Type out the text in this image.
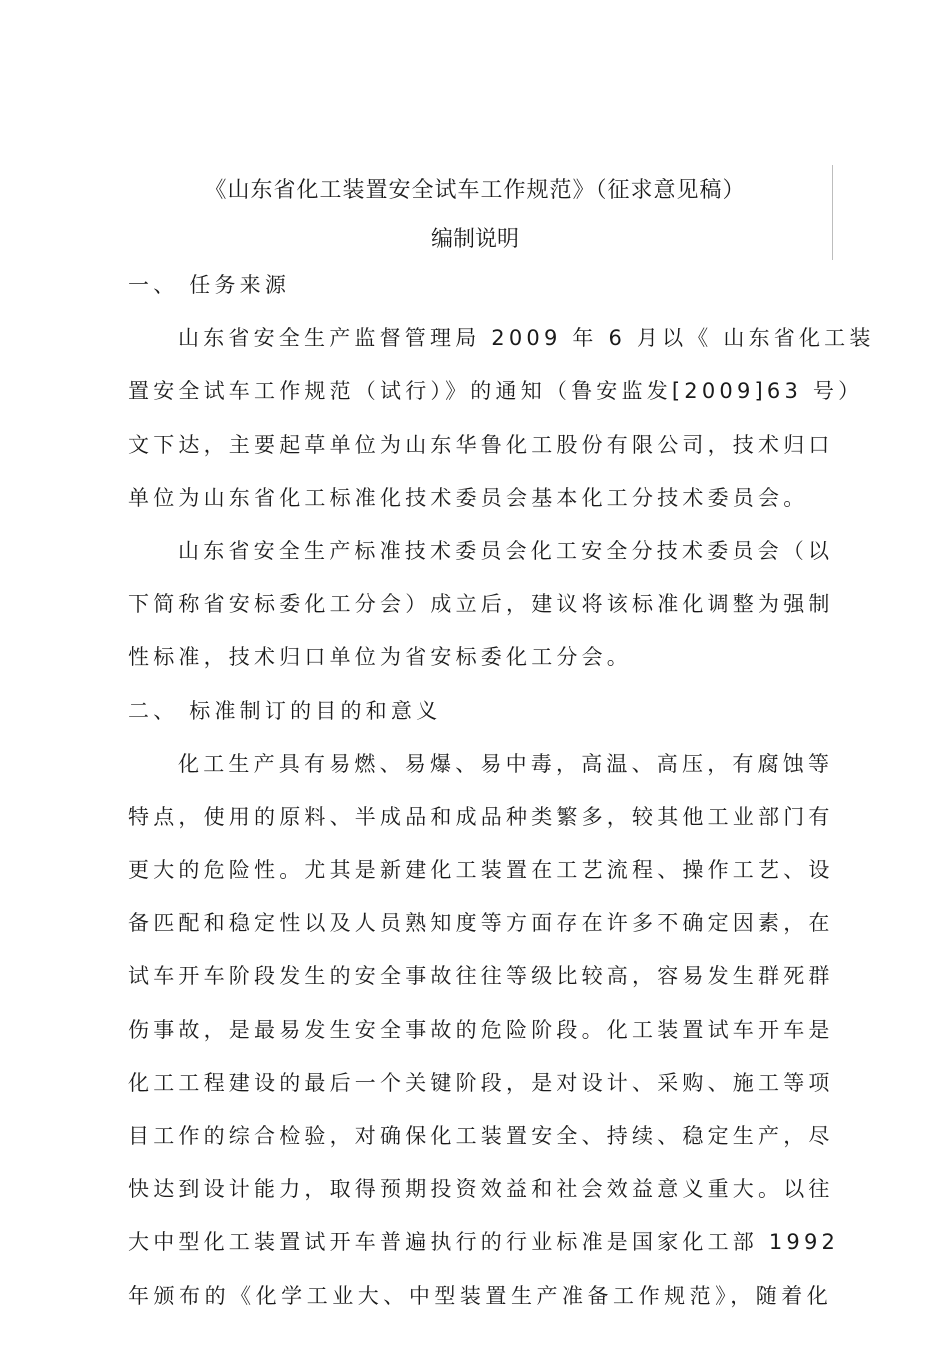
《山东省化工装置安全试车工作规范》（征求意见稿）
编制说明

一、 任务来源

山东省安全生产监督管理局 2009 年 6 月以《 山东省化工装

置安全试车工作规范（试行）》的通知（鲁安监发[2009]63 号）

文下达，主要起草单位为山东华鲁化工股份有限公司，技术归口

单位为山东省化工标准化技术委员会基本化工分技术委员会。

山东省安全生产标准技术委员会化工安全分技术委员会（以

下简称省安标委化工分会）成立后，建议将该标准化调整为强制

性标准，技术归口单位为省安标委化工分会。

二、 标准制订的目的和意义

化工生产具有易燃、易爆、易中毒，高温、高压，有腐蚀等

特点，使用的原料、半成品和成品种类繁多，较其他工业部门有

更大的危险性。尤其是新建化工装置在工艺流程、操作工艺、设

备匹配和稳定性以及人员熟知度等方面存在许多不确定因素，在

试车开车阶段发生的安全事故往往等级比较高，容易发生群死群

伤事故，是最易发生安全事故的危险阶段。化工装置试车开车是

化工工程建设的最后一个关键阶段，是对设计、采购、施工等项

目工作的综合检验，对确保化工装置安全、持续、稳定生产，尽

快达到设计能力，取得预期投资效益和社会效益意义重大。以往

大中型化工装置试开车普遍执行的行业标准是国家化工部 1992

年颁布的《化学工业大、中型装置生产准备工作规范》，随着化
